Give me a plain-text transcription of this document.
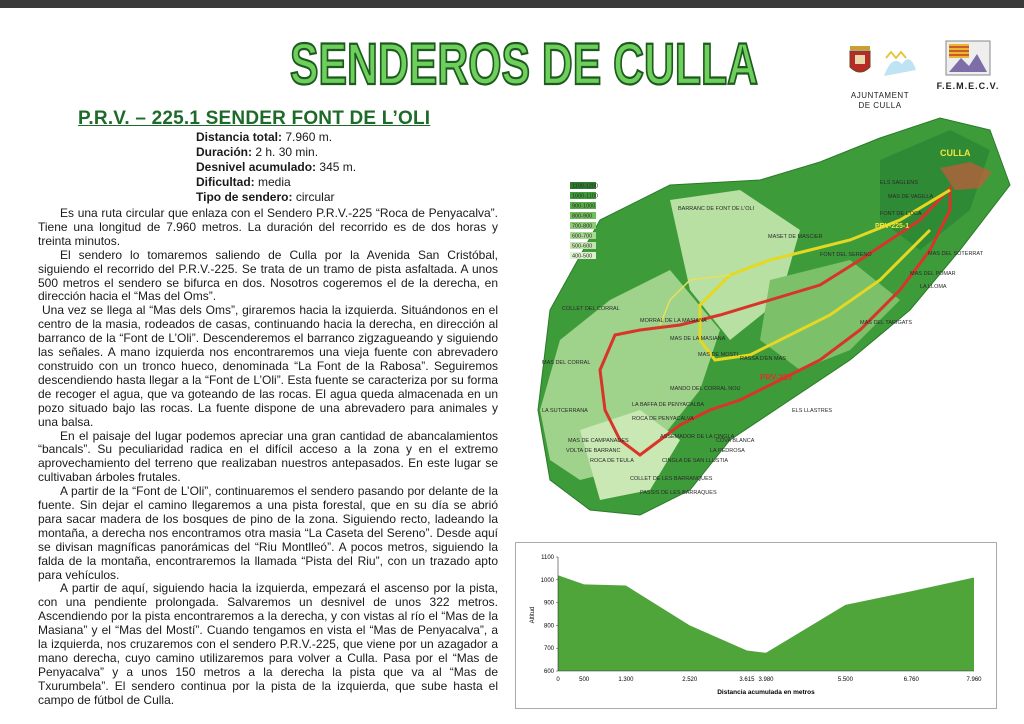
SENDEROS DE CULLA	AJUNTAMENT
DE CULLA
F.E.M.E.C.V.
P.R.V. – 225.1 SENDER FONT DE L’OLI
Distancia total: 7.960 m.
Duración: 2 h. 30 min.
Desnivel acumulado: 345 m.
Dificultad: media
Tipo de sendero: circular

Es una ruta circular que enlaza con el Sendero P.R.V.-225 “Roca de Penyacalva”. Tiene una longitud de 7.960 metros. La duración del recorrido es de dos horas y treinta minutos.

El sendero lo tomaremos saliendo de Culla por la Avenida San Cristóbal, siguiendo el recorrido del P.R.V.-225. Se trata de un tramo de pista asfaltada. A unos 500 metros el sendero se bifurca en dos. Nosotros cogeremos el de la derecha, en dirección hacia el “Mas del Oms”.

Una vez se llega al “Mas dels Oms”, giraremos hacia la izquierda. Situándonos en el centro de la masia, rodeados de casas, continuando hacia la derecha, en dirección al barranco de la “Font de L’Oli”. Descenderemos el barranco zigzagueando y siguiendo las señales. A mano izquierda nos encontraremos una vieja fuente con abrevadero construido con un tronco hueco, denominada “La Font de la Rabosa”. Seguiremos descendiendo hasta llegar a la “Font de L’Oli”. Esta fuente se caracteriza por su forma de recoger el agua, que va goteando de las rocas. El agua queda almacenada en un pozo situado bajo las rocas. La fuente dispone de una abrevadero para animales y una balsa.

En el paisaje del lugar podemos apreciar una gran cantidad de abancalamientos “bancals”. Su peculiaridad radica en el difícil acceso a la zona y en el extremo aprovechamiento del terreno que realizaban nuestros antepasados. En este lugar se cultivaban árboles frutales.

A partir de la “Font de L’Oli”, continuaremos el sendero pasando por delante de la fuente. Sin dejar el camino llegaremos a una pista forestal, que en su día se abrió para sacar madera de los bosques de pino de la zona. Siguiendo recto, ladeando la montaña, a derecha nos encontramos otra masia “La Caseta del Sereno”. Desde aquí se divisan magníficas panorámicas del “Riu Montlleó”. A pocos metros, siguiendo la falda de la montaña, encontraremos la llamada “Pista del Riu”, con un trazado apto para vehículos.

A partir de aquí, siguiendo hacia la izquierda, empezará el ascenso por la pista, con una pendiente prolongada. Salvaremos un desnivel de unos 322 metros. Ascendiendo por la pista encontraremos a la derecha, y con vistas al río el “Mas de la Masiana” y el “Mas del Mostí”. Cuando tengamos en vista el “Mas de Penyacalva”, a la izquierda, nos cruzaremos con el sendero P.R.V.-225, que viene por un azagador a mano derecha, cuyo camino utilizaremos para volver a Culla. Pasa por el “Mas de Penyacalva” y a unos 150 metros a la derecha la pista que va al “Mas de Txurumbela”. El sendero continua por la pista de la izquierda, que sube hasta el campo de fútbol de Culla.

1100-1200
1000-1100
900-1000
800-900
700-800
600-700
500-600
400-500
CULLA
PRV-225
PRV-225-1
ELS SAGLENS
FONT DE L'OCA
MAS DE VAGILLA
LA LLOMA
MAS DEL SOTERRAT
MAS DEL POMAR
MAS DEL TARIGATS
ELS LLASTRES
COVA BLANCA
LA PEDROSA
LA BAFFA DE PENYACALBA
ROCA DE PENYACALVA
MANDO DEL CORRAL NOU
MORRAL DE LA MASIANA
MAS DE LA MASIANA
BARRANC DE FONT DE L'OLI
LA SUTCERRANA
MAS DEL CORRAL
COLLET DEL CORRAL
MAS DE CAMPANADES
ROCA DE TEULA
VOLTA DE BARRANC
COLLET DE LES BARRANQUES
MAS DE MOSTI
RASSA D'EN MAS
ASSEMADOR DE LA CINGLA
CINGLA DE SAN LLUSTIA
MASET DE MASCIER
FONT DEL SERENO
PASSIS DE LES BARRAQUES
1100
1000
900
800
700
600
0	500	1.300	2.520	3.615 3.980	5.500	6.760	7.960
Altitud
Distancia acumulada en metros
